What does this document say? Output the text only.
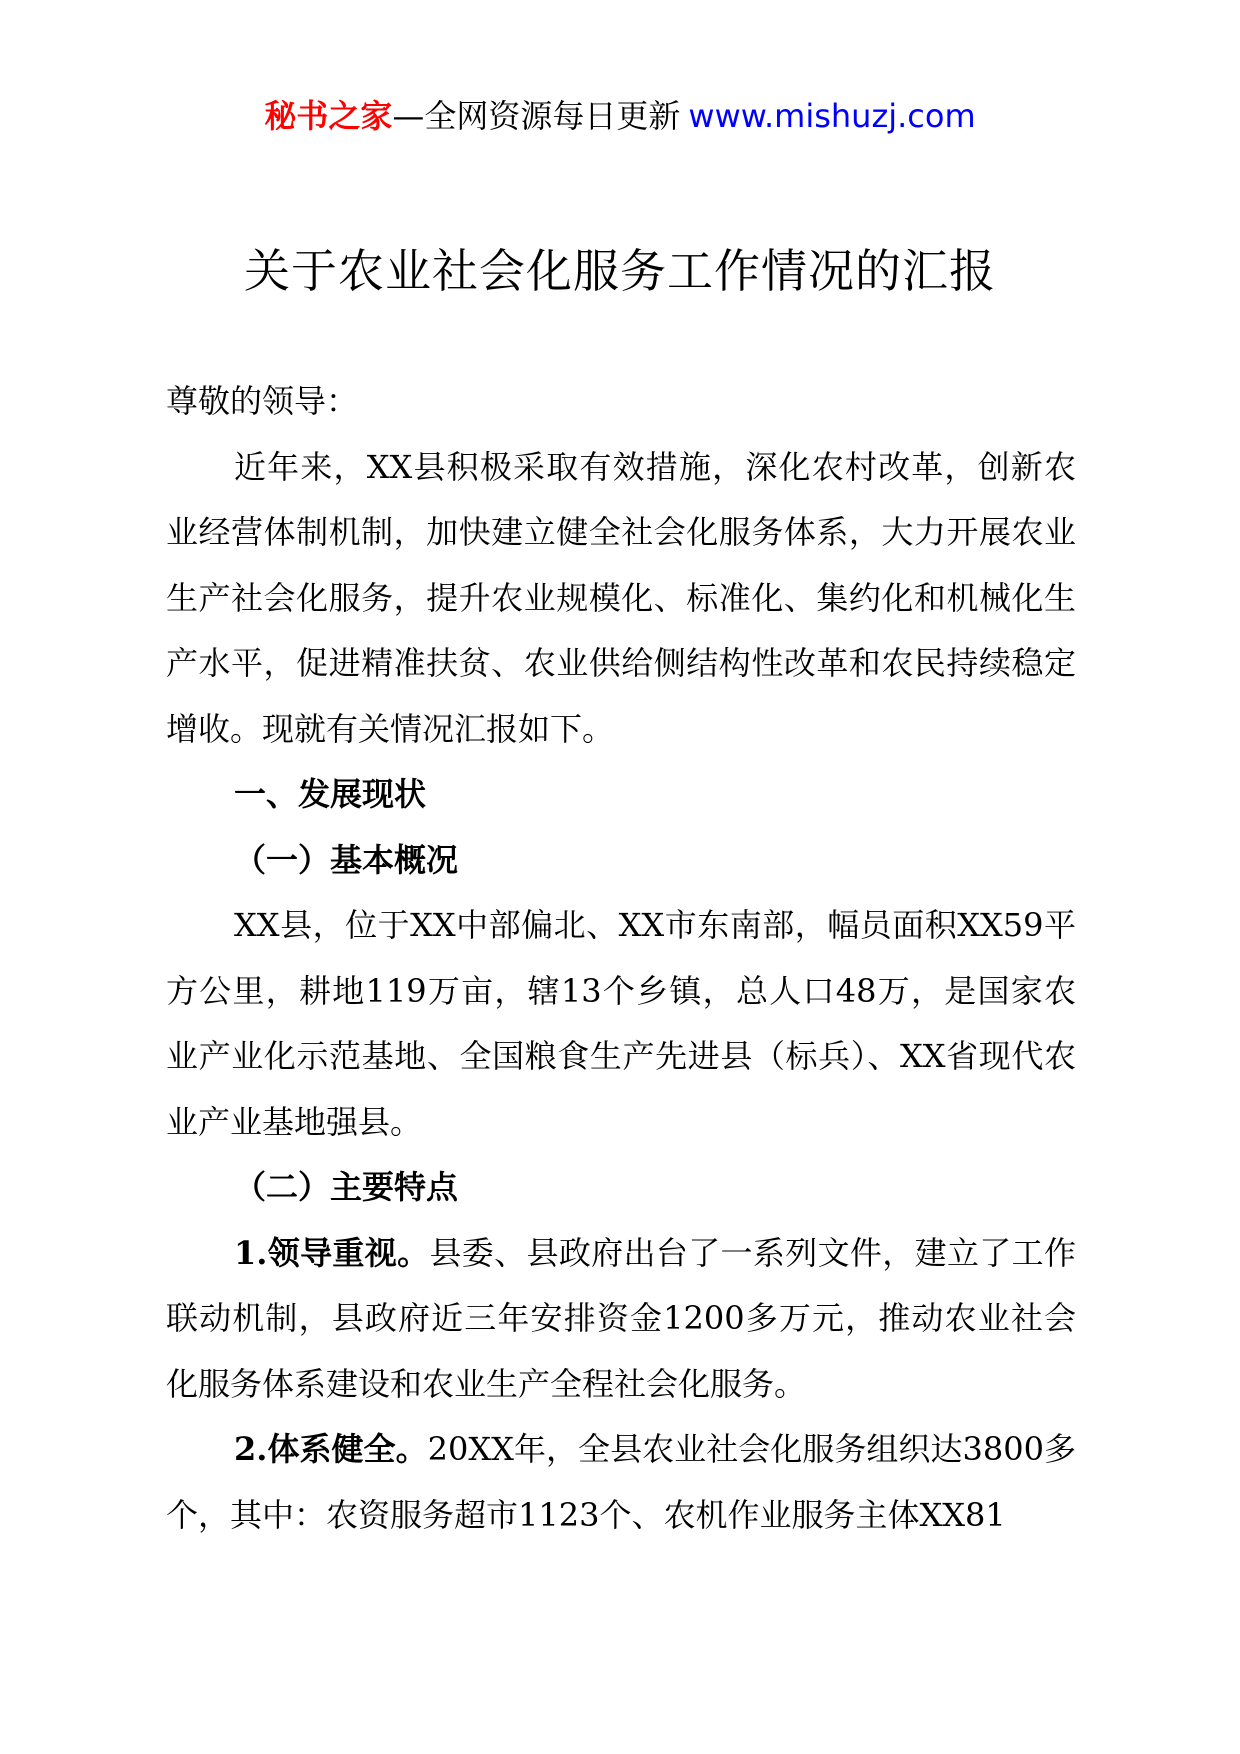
秘书之家—全网资源每日更新 www.mishuzj.com
关于农业社会化服务工作情况的汇报

尊敬的领导：

近年来，XX县积极采取有效措施，深化农村改革，创新农业经营体制机制，加快建立健全社会化服务体系，大力开展农业生产社会化服务，提升农业规模化、标准化、集约化和机械化生产水平，促进精准扶贫、农业供给侧结构性改革和农民持续稳定增收。现就有关情况汇报如下。

一、发展现状

（一）基本概况

XX县，位于XX中部偏北、XX市东南部，幅员面积XX59平方公里，耕地119万亩，辖13个乡镇，总人口48万，是国家农业产业化示范基地、全国粮食生产先进县（标兵）、XX省现代农业产业基地强县。

（二）主要特点

1.领导重视。县委、县政府出台了一系列文件，建立了工作联动机制，县政府近三年安排资金1200多万元，推动农业社会化服务体系建设和农业生产全程社会化服务。

2.体系健全。20XX年，全县农业社会化服务组织达3800多个，其中：农资服务超市1123个、农机作业服务主体XX81
